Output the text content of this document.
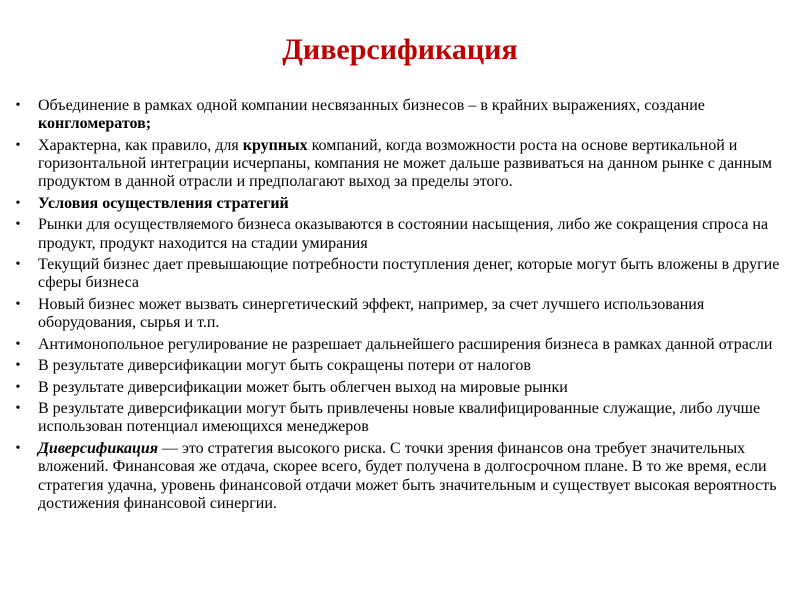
Диверсификация
• Объединение в рамках одной компании несвязанных бизнесов – в крайних выражениях, создание конгломератов;
• Характерна, как правило, для крупных компаний, когда возможности роста на основе вертикальной и горизонтальной интеграции исчерпаны, компания не может дальше развиваться на данном рынке с данным продуктом в данной отрасли и предполагают выход за пределы этого.
• Условия осуществления стратегий
• Рынки для осуществляемого бизнеса оказываются в состоянии насыщения, либо же сокращения спроса на продукт, продукт находится на стадии умирания
• Текущий бизнес дает превышающие потребности поступления денег, которые могут быть вложены в другие сферы бизнеса
• Новый бизнес может вызвать синергетический эффект, например, за счет лучшего использования оборудования, сырья и т.п.
• Антимонопольное регулирование не разрешает дальнейшего расширения бизнеса в рамках данной отрасли
• В результате диверсификации могут быть сокращены потери от налогов
• В результате диверсификации может быть облегчен выход на мировые рынки
• В результате диверсификации могут быть привлечены новые квалифицированные служащие, либо лучше использован потенциал имеющихся менеджеров
• Диверсификация — это стратегия высокого риска. С точки зрения финансов она требует значительных вложений. Финансовая же отдача, скорее всего, будет получена в долгосрочном плане. В то же время, если стратегия удачна, уровень финансовой отдачи может быть значительным и существует высокая вероятность достижения финансовой синергии.
